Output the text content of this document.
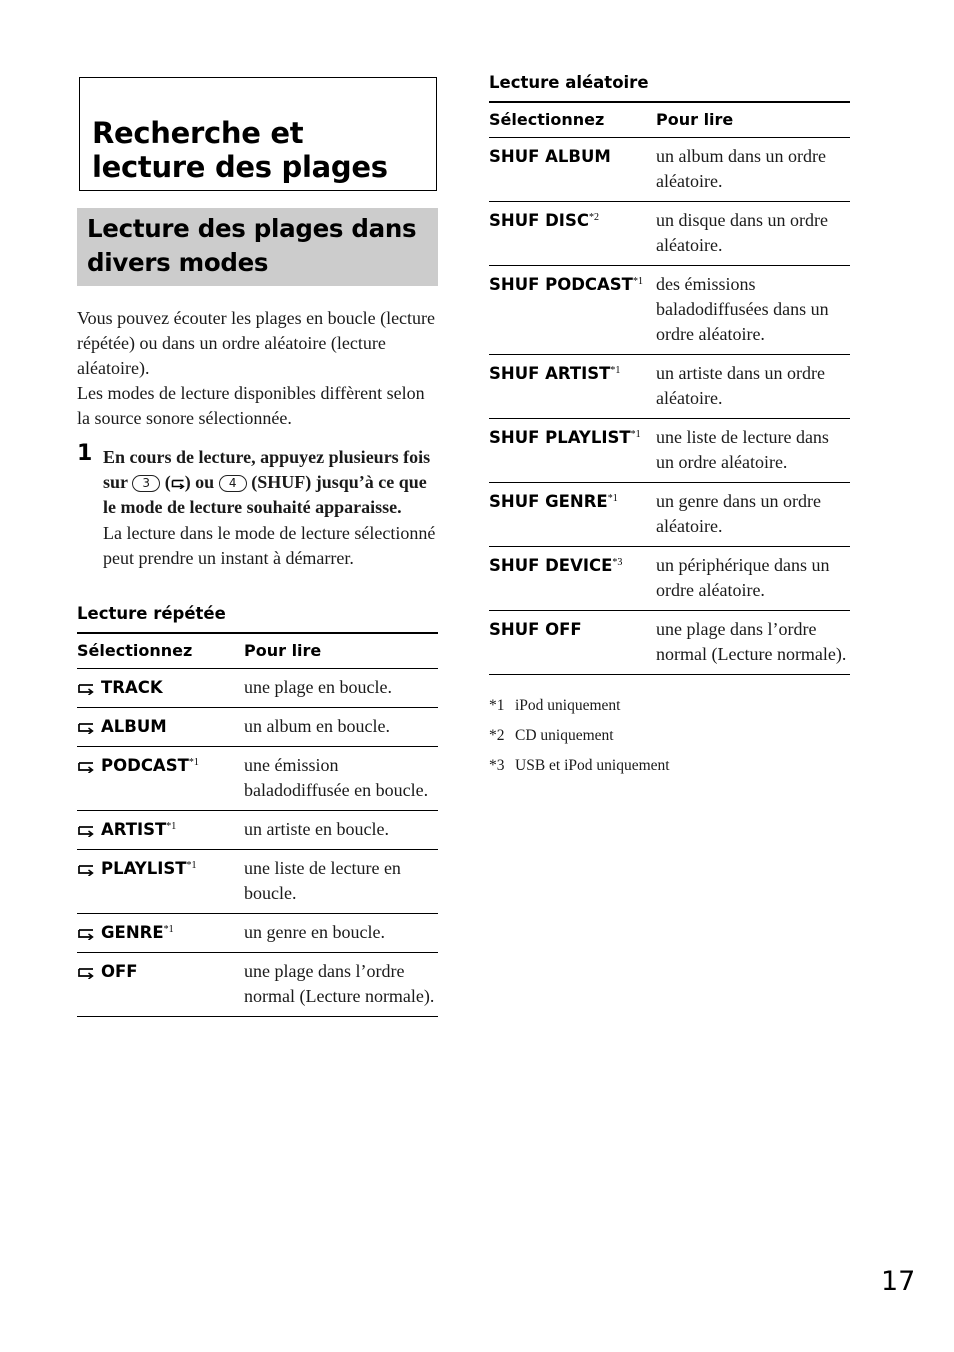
Recherche et lecture des plages
Lecture des plages dans divers modes

Vous pouvez écouter les plages en boucle (lecture répétée) ou dans un ordre aléatoire (lecture aléatoire).

Les modes de lecture disponibles diffèrent selon la source sonore sélectionnée.

1 En cours de lecture, appuyez plusieurs fois sur 3 ( ) ou 4 (SHUF) jusqu’à ce que le mode de lecture souhaité apparaisse.

La lecture dans le mode de lecture sélectionné peut prendre un instant à démarrer.

Lecture répétée

Sélectionnez	Pour lire

TRACK	une plage en boucle.

ALBUM	un album en boucle.

PODCAST$^{*1}$	une émission baladodiffusée en boucle.

ARTIST$^{*1}$	un artiste en boucle.

PLAYLIST$^{*1}$	une liste de lecture en boucle.

GENRE$^{*1}$	un genre en boucle.

OFF	une plage dans l’ordre normal (Lecture normale).

Lecture aléatoire

Sélectionnez	Pour lire
SHUF ALBUM	un album dans un ordre aléatoire.
SHUF DISC$^{*2}$	un disque dans un ordre aléatoire.
SHUF PODCAST$^{*1}$	des émissions baladodiffusées dans un ordre aléatoire.
SHUF ARTIST$^{*1}$	un artiste dans un ordre aléatoire.
SHUF PLAYLIST$^{*1}$	une liste de lecture dans un ordre aléatoire.
SHUF GENRE$^{*1}$	un genre dans un ordre aléatoire.
SHUF DEVICE$^{*3}$	un périphérique dans un ordre aléatoire.
SHUF OFF	une plage dans l’ordre normal (Lecture normale).
*1 iPod uniquement
*2 CD uniquement
*3 USB et iPod uniquement
17
